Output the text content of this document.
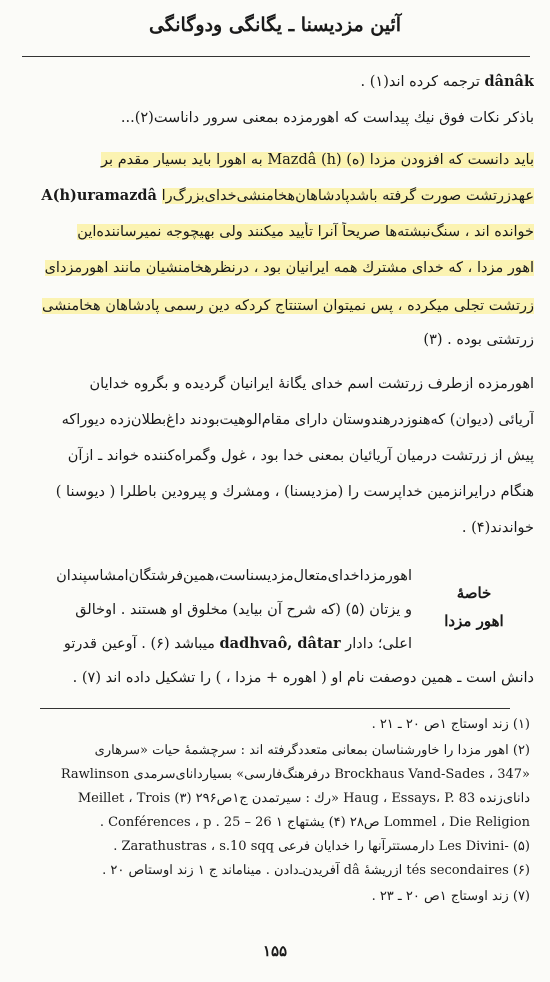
آئین مزدیسنا ـ یگانگی ودوگانگی
dânâk ترجمه کرده اند(۱) .
باذکر نکات فوق نیك پیداست که اهورمزده بمعنی سرور داناست(۲)...
باید دانست که افزودن مزدا (ه) Mazdâ (h) به اهورا باید بسیار مقدم بر
عهدزرتشت صورت گرفته باشدپادشاهان‌هخامنشی‌خدای‌بزرگ‌را A(h)uramazdâ
خوانده اند ، سنگ‌نبشته‌ها صریحاً آنرا تأیید میکنند ولی بهیچوجه نمیرساننده‌این
اهور مزدا ، که خدای مشترك همه ایرانیان بود ، درنظرهخامنشیان مانند اهورمزدای
زرتشت تجلی میکرده ، پس نمیتوان استنتاج کردکه دین رسمی پادشاهان هخامنشی
زرتشتی بوده . (۳)
اهورمزده ازطرف زرتشت اسم خدای یگانهٔ ایرانیان گردیده و بگروه خدایان
آریائی (دیوان) که‌هنوزدرهندوستان دارای مقام‌الوهیت‌بودند داغ‌بطلان‌زده دیوراکه
پیش از زرتشت درمیان آریائیان بمعنی خدا بود ، غول وگمراه‌کننده خواند ـ ازآن
هنگام درایرانزمین خداپرست را (مزدیسنا) ، ومشرك و پیرودین باطلرا ( دیوسنا )
خواندند(۴) .
خاصهٔ
اهور مزدا
اهورمزداخدای‌متعال‌مزدیسناست،همین‌فرشتگان‌امشاسپندان
و یزتان (۵) (که شرح آن بیاید) مخلوق او هستند . اوخالق
اعلی؛ دادار dadhvaô, dâtar میباشد (۶) . آوعین قدرتو
دانش است ـ همین دوصفت نام او ( اهوره + مزدا ، ) را تشکیل داده اند (۷) .
(۱) زند اوستاج ۱ص ۲۰ ـ ۲۱ .
(۲) اهور مزدا را خاورشناسان بمعانی متعددگرفته اند : سرچشمهٔ حیات «سرهاری
«Brockhaus Vand-Sades ، 347 درفرهنگ‌فارسی» بسیاردانای‌سرمدی Rawlinson
دانای‌زنده Haug ، Essays، P. 83 «رك : سیرتمدن ج۱ص۲۹۶ (۳) Meillet ، Trois
Lommel ، Die Religion ص۲۸ (۴) یشتهاج ۱ Conférences ، p . 25 – 26 .
Les Divini- (۵) دارمستترآنها را خدایان فرعی Zarathustras ، s.10 sqq .
tés secondaires (۶) ازریشهٔ dâ آفریدن‌ـ‌دادن . میناماند ج ۱ زند اوستاص ۲۰ .
(۷) زند اوستاج ۱ص ۲۰ ـ ۲۳ .
۱۵۵
